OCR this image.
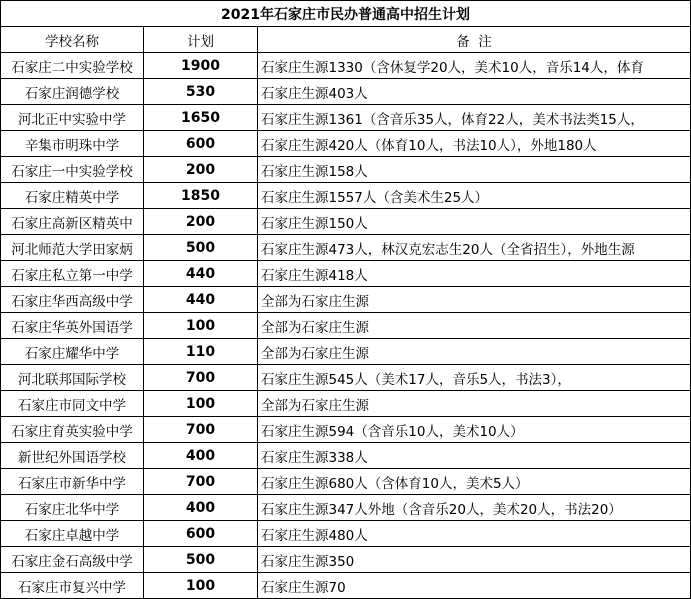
2021年石家庄市民办普通高中招生计划		
学校名称	计划	备  注
石家庄二中实验学校	1900	石家庄生源1330（含休复学20人，美术10人，音乐14人，体育
石家庄润德学校	530	石家庄生源403人
河北正中实验中学	1650	石家庄生源1361（含音乐35人，体育22人，美术书法类15人，
辛集市明珠中学	600	石家庄生源420人（体育10人，书法10人），外地180人
石家庄一中实验学校	200	石家庄生源158人
石家庄精英中学	1850	石家庄生源1557人（含美术生25人）
石家庄高新区精英中	200	石家庄生源150人
河北师范大学田家炳	500	石家庄生源473人，林汉克宏志生20人（全省招生），外地生源
石家庄私立第一中学	440	石家庄生源418人
石家庄华西高级中学	440	全部为石家庄生源
石家庄华英外国语学	100	全部为石家庄生源
石家庄耀华中学	110	全部为石家庄生源
河北联邦国际学校	700	石家庄生源545人（美术17人，音乐5人，书法3），
石家庄市同文中学	100	全部为石家庄生源
石家庄育英实验中学	700	石家庄生源594（含音乐10人，美术10人）
新世纪外国语学校	400	石家庄生源338人
石家庄市新华中学	700	石家庄生源680人（含体育10人，美术5人）
石家庄北华中学	400	石家庄生源347人外地（含音乐20人，美术20人，书法20）
石家庄卓越中学	600	石家庄生源480人
石家庄金石高级中学	500	石家庄生源350
石家庄市复兴中学	100	石家庄生源70
